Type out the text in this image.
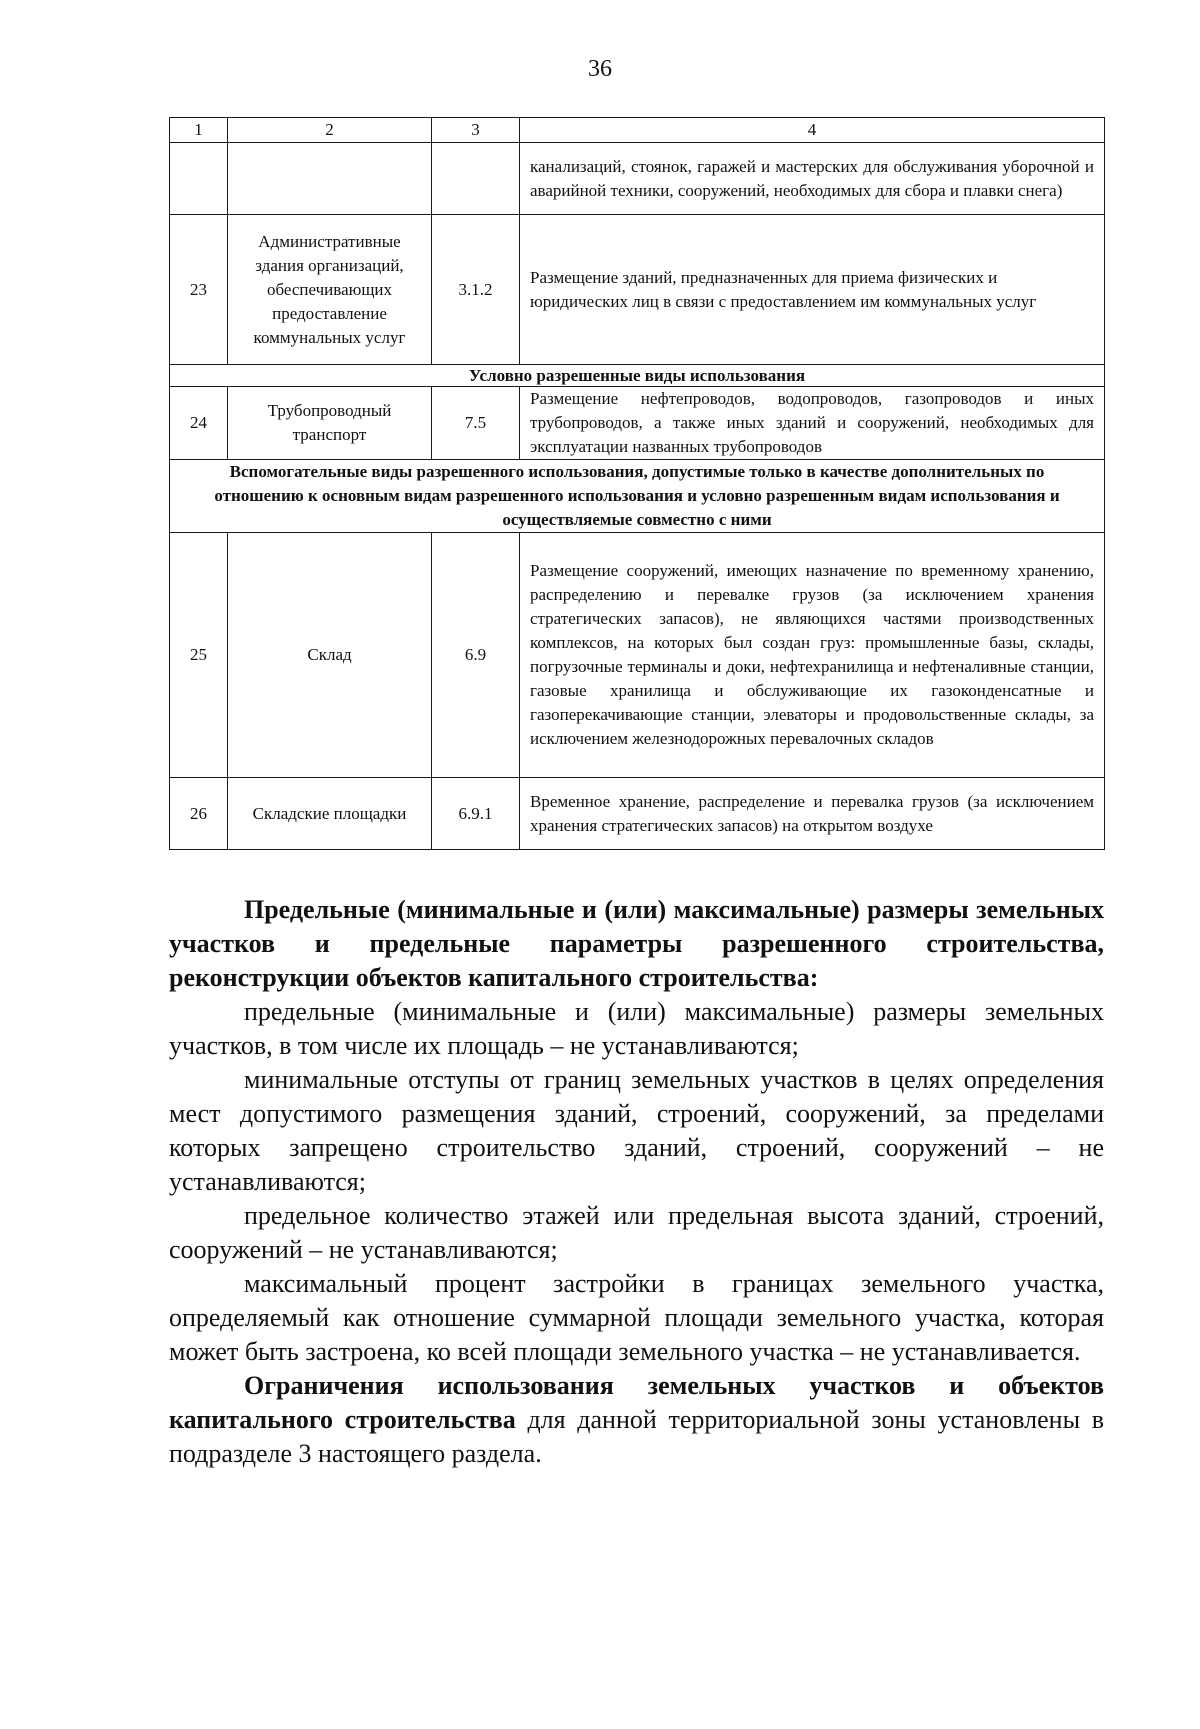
36
1	2	3	4
			канализаций, стоянок, гаражей и мастерских для обслуживания уборочной и аварийной техники, сооружений, необходимых для сбора и плавки снега)
23	Административные здания организаций, обеспечивающих предоставление коммунальных услуг	3.1.2	Размещение зданий, предназначенных для приема физических и юридических лиц в связи с предоставлением им коммунальных услуг
Условно разрешенные виды использования			
24	Трубопроводный транспорт	7.5	Размещение нефтепроводов, водопроводов, газопроводов и иных трубопроводов, а также иных зданий и сооружений, необходимых для эксплуатации названных трубопроводов
Вспомогательные виды разрешенного использования, допустимые только в качестве дополнительных по отношению к основным видам разрешенного использования и условно разрешенным видам использования и осуществляемые совместно с ними			
25	Склад	6.9	Размещение сооружений, имеющих назначение по временному хранению, распределению и перевалке грузов (за исключением хранения стратегических запасов), не являющихся частями производственных комплексов, на которых был создан груз: промышленные базы, склады, погрузочные терминалы и доки, нефтехранилища и нефтеналивные станции, газовые хранилища и обслуживающие их газоконденсатные и газоперекачивающие станции, элеваторы и продовольственные склады, за исключением железнодорожных перевалочных складов
26	Складские площадки	6.9.1	Временное хранение, распределение и перевалка грузов (за исключением хранения стратегических запасов) на открытом воздухе

Предельные (минимальные и (или) максимальные) размеры земельных участков и предельные параметры разрешенного строительства, реконструкции объектов капитального строительства:

предельные (минимальные и (или) максимальные) размеры земельных участков, в том числе их площадь – не устанавливаются;

минимальные отступы от границ земельных участков в целях определения мест допустимого размещения зданий, строений, сооружений, за пределами которых запрещено строительство зданий, строений, сооружений – не устанавливаются;

предельное количество этажей или предельная высота зданий, строений, сооружений – не устанавливаются;

максимальный процент застройки в границах земельного участка, определяемый как отношение суммарной площади земельного участка, которая может быть застроена, ко всей площади земельного участка – не устанавливается.

Ограничения использования земельных участков и объектов капитального строительства для данной территориальной зоны установлены в подразделе 3 настоящего раздела.
